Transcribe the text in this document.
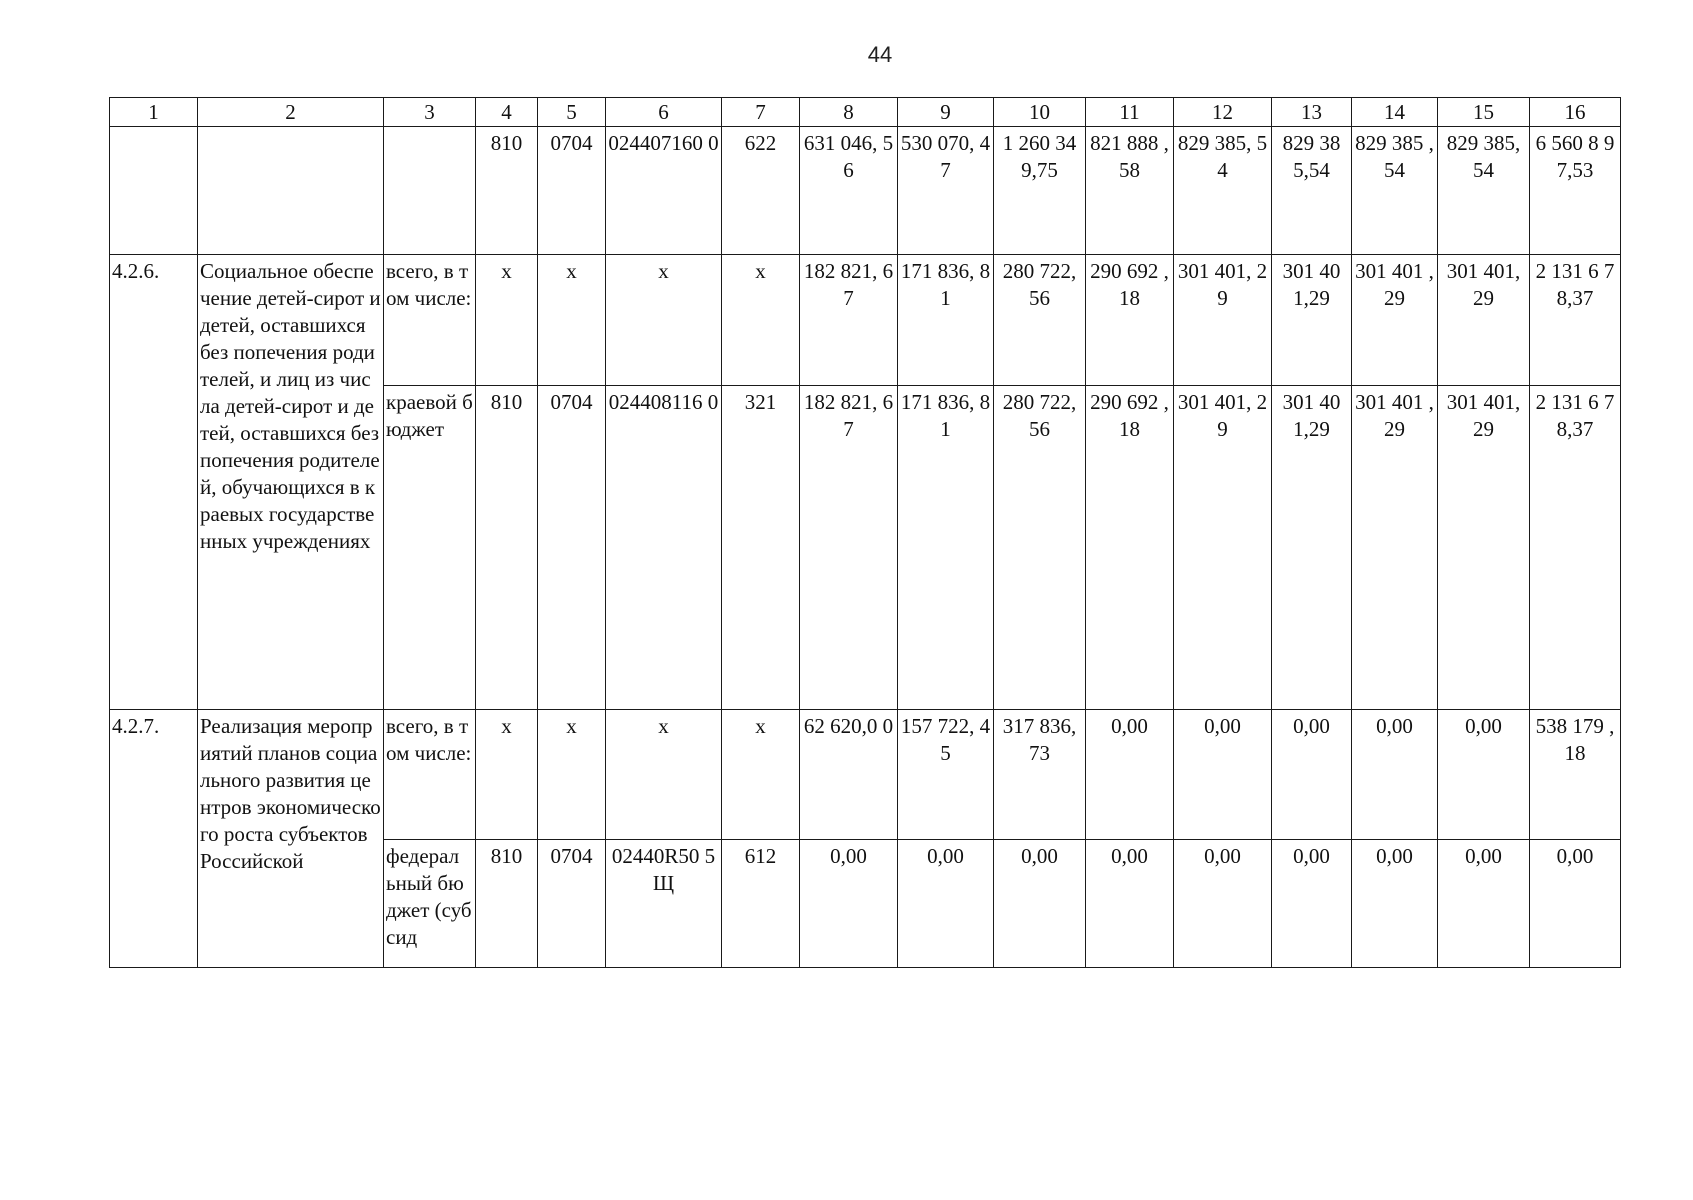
44
1	2	3	4	5	6	7	8	9	10	11	12	13	14	15	16
			810	0704	024407160 0	622	631 046, 56	530 070, 47	1 260 34 9,75	821 888 ,58	829 385, 54	829 38 5,54	829 385 ,54	829 385, 54	6 560 8 97,53
4.2.6.	Социальное обеспечение детей-сирот и детей, оставшихся без попечения родителей, и лиц из числа детей-сирот и детей, оставшихся без попечения родителей, обучающихся в краевых государственных учреждениях	всего, в том числе:	x	x	x	x	182 821, 67	171 836, 81	280 722, 56	290 692 ,18	301 401, 29	301 40 1,29	301 401 ,29	301 401, 29	2 131 6 78,37
		краевой бюджет	810	0704	024408116 0	321	182 821, 67	171 836, 81	280 722, 56	290 692 ,18	301 401, 29	301 40 1,29	301 401 ,29	301 401, 29	2 131 6 78,37
4.2.7.	Реализация мероприятий планов социального развития центров экономического роста субъектов Российской	всего, в том числе:	x	x	x	x	62 620,0 0	157 722, 45	317 836, 73	0,00	0,00	0,00	0,00	0,00	538 179 ,18
		федерал ьный бюджет (субсид	810	0704	02440R50 5Щ	612	0,00	0,00	0,00	0,00	0,00	0,00	0,00	0,00	0,00
